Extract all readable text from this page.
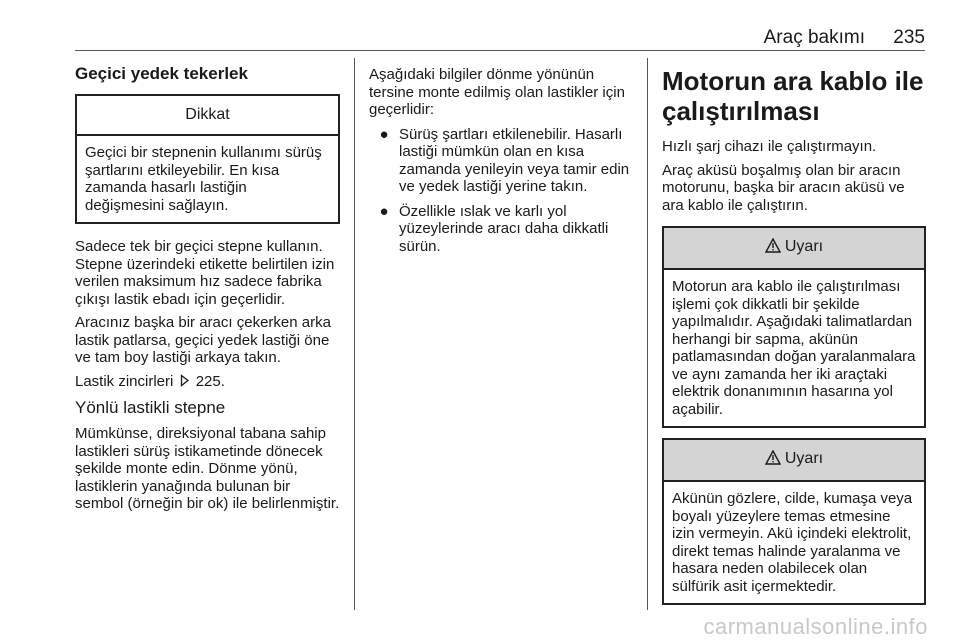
Araç bakımı 235
Geçici yedek tekerlek
Dikkat

Geçici bir stepnenin kullanımı sürüş şartlarını etkileyebilir. En kısa zamanda hasarlı lastiğin değişmesini sağlayın.

Sadece tek bir geçici stepne kullanın. Stepne üzerindeki etikette belirtilen izin verilen maksimum hız sadece fabrika çıkışı lastik ebadı için geçerlidir.

Aracınız başka bir aracı çekerken arka lastik patlarsa, geçici yedek lastiği öne ve tam boy lastiği arkaya takın.

Lastik zincirleri 225.

Yönlü lastikli stepne

Mümkünse, direksiyonal tabana sahip lastikleri sürüş istikametinde dönecek şekilde monte edin. Dönme yönü, lastiklerin yanağında bulunan bir sembol (örneğin bir ok) ile belirlenmiştir.

Aşağıdaki bilgiler dönme yönünün tersine monte edilmiş olan lastikler için geçerlidir:

● Sürüş şartları etkilenebilir. Hasarlı lastiği mümkün olan en kısa zamanda yenileyin veya tamir edin ve yedek lastiği yerine takın.

● Özellikle ıslak ve karlı yol yüzeylerinde aracı daha dikkatli sürün.

Motorun ara kablo ile çalıştırılması

Hızlı şarj cihazı ile çalıştırmayın.

Araç aküsü boşalmış olan bir aracın motorunu, başka bir aracın aküsü ve ara kablo ile çalıştırın.

Uyarı

Motorun ara kablo ile çalıştırılması işlemi çok dikkatli bir şekilde yapılmalıdır. Aşağıdaki talimatlardan herhangi bir sapma, akünün patlamasından doğan yaralanmalara ve aynı zamanda her iki araçtaki elektrik donanımının hasarına yol açabilir.

Uyarı

Akünün gözlere, cilde, kumaşa veya boyalı yüzeylere temas etmesine izin vermeyin. Akü içindeki elektrolit, direkt temas halinde yaralanma ve hasara neden olabilecek olan sülfürik asit içermektedir.

carmanualsonline.info
